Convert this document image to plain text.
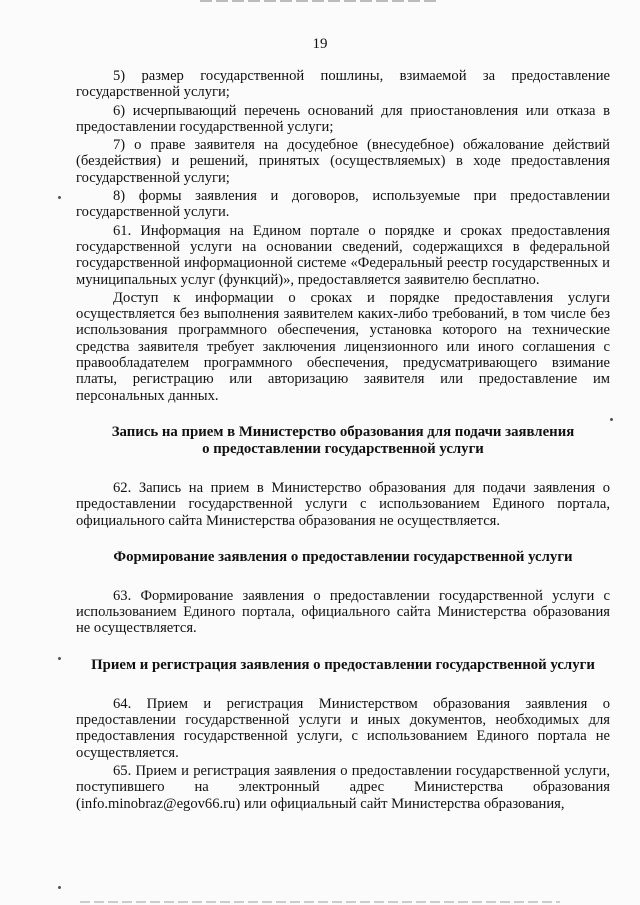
19

5) размер государственной пошлины, взимаемой за предоставление государственной услуги;

6) исчерпывающий перечень оснований для приостановления или отказа в предоставлении государственной услуги;

7) о праве заявителя на досудебное (внесудебное) обжалование действий (бездействия) и решений, принятых (осуществляемых) в ходе предоставления государственной услуги;

8) формы заявления и договоров, используемые при предоставлении государственной услуги.

61. Информация на Едином портале о порядке и сроках предоставления государственной услуги на основании сведений, содержащихся в федеральной государственной информационной системе «Федеральный реестр государственных и муниципальных услуг (функций)», предоставляется заявителю бесплатно.

Доступ к информации о сроках и порядке предоставления услуги осуществляется без выполнения заявителем каких-либо требований, в том числе без использования программного обеспечения, установка которого на технические средства заявителя требует заключения лицензионного или иного соглашения с правообладателем программного обеспечения, предусматривающего взимание платы, регистрацию или авторизацию заявителя или предоставление им персональных данных.

Запись на прием в Министерство образования для подачи заявления
о предоставлении государственной услуги

62. Запись на прием в Министерство образования для подачи заявления о предоставлении государственной услуги с использованием Единого портала, официального сайта Министерства образования не осуществляется.

Формирование заявления о предоставлении государственной услуги

63. Формирование заявления о предоставлении государственной услуги с использованием Единого портала, официального сайта Министерства образования не осуществляется.

Прием и регистрация заявления о предоставлении государственной услуги

64. Прием и регистрация Министерством образования заявления о предоставлении государственной услуги и иных документов, необходимых для предоставления государственной услуги, с использованием Единого портала не осуществляется.

65. Прием и регистрация заявления о предоставлении государственной услуги, поступившего на электронный адрес Министерства образования (info.minobraz@egov66.ru) или официальный сайт Министерства образования,
